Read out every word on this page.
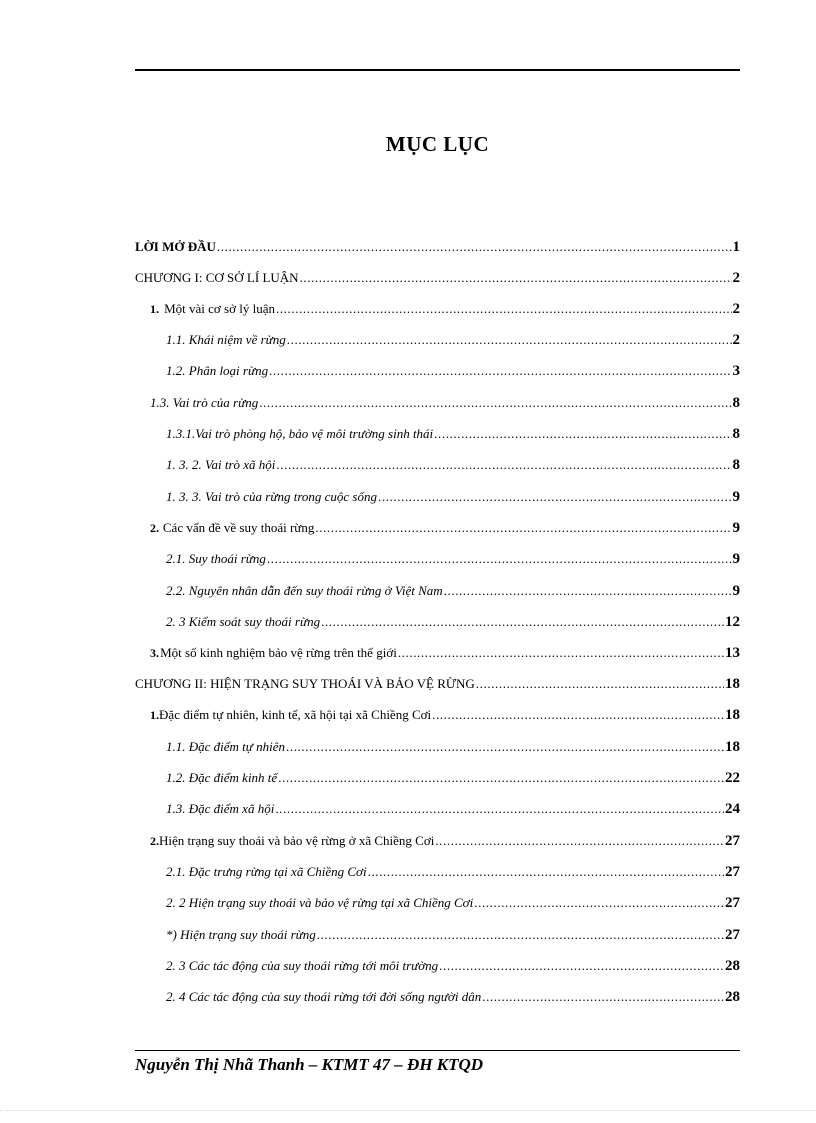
MỤC LỤC
LỜI MỞ ĐẦU .....	1
CHƯƠNG I: CƠ SỞ LÍ LUẬN .....	2
1. Một vài cơ sở lý luận .....	2
1.1. Khái niệm về rừng .....	2
1.2. Phân loại rừng .....	3
1.3. Vai trò của rừng .....	8
1.3.1.Vai trò phòng hộ, bảo vệ môi trường sinh thái .....	8
1. 3. 2. Vai trò xã hội .....	8
1. 3. 3. Vai trò của rừng trong cuộc sống .....	9
2. Các vấn đề về suy thoái rừng .....	9
2.1. Suy thoái rừng .....	9
2.2. Nguyên nhân dẫn đến suy thoái rừng ở Việt Nam .....	9
2. 3 Kiểm soát suy thoái rừng .....	12
3. Một số kinh nghiệm bảo vệ rừng trên thế giới .....	13
CHƯƠNG II: HIỆN TRẠNG SUY THOÁI VÀ BẢO VỆ RỪNG .....	18
1. Đặc điểm tự nhiên, kinh tế, xã hội tại xã Chiềng Cơi .....	18
1.1. Đặc điểm tự nhiên .....	18
1.2. Đặc điểm kinh tế .....	22
1.3. Đặc điểm xã hội .....	24
2. Hiện trạng suy thoái và bảo vệ rừng ở xã Chiềng Cơi .....	27
2.1. Đặc trưng rừng tại xã Chiềng Cơi .....	27
2. 2 Hiện trạng suy thoái và bảo vệ rừng tại xã Chiềng Cơi .....	27
*) Hiện trạng suy thoái rừng .....	27
2. 3 Các tác động của suy thoái rừng tới môi trường .....	28
2. 4 Các tác động của suy thoái rừng tới đời sống người dân .....	28
Nguyễn Thị Nhã Thanh – KTMT 47 – ĐH KTQD
